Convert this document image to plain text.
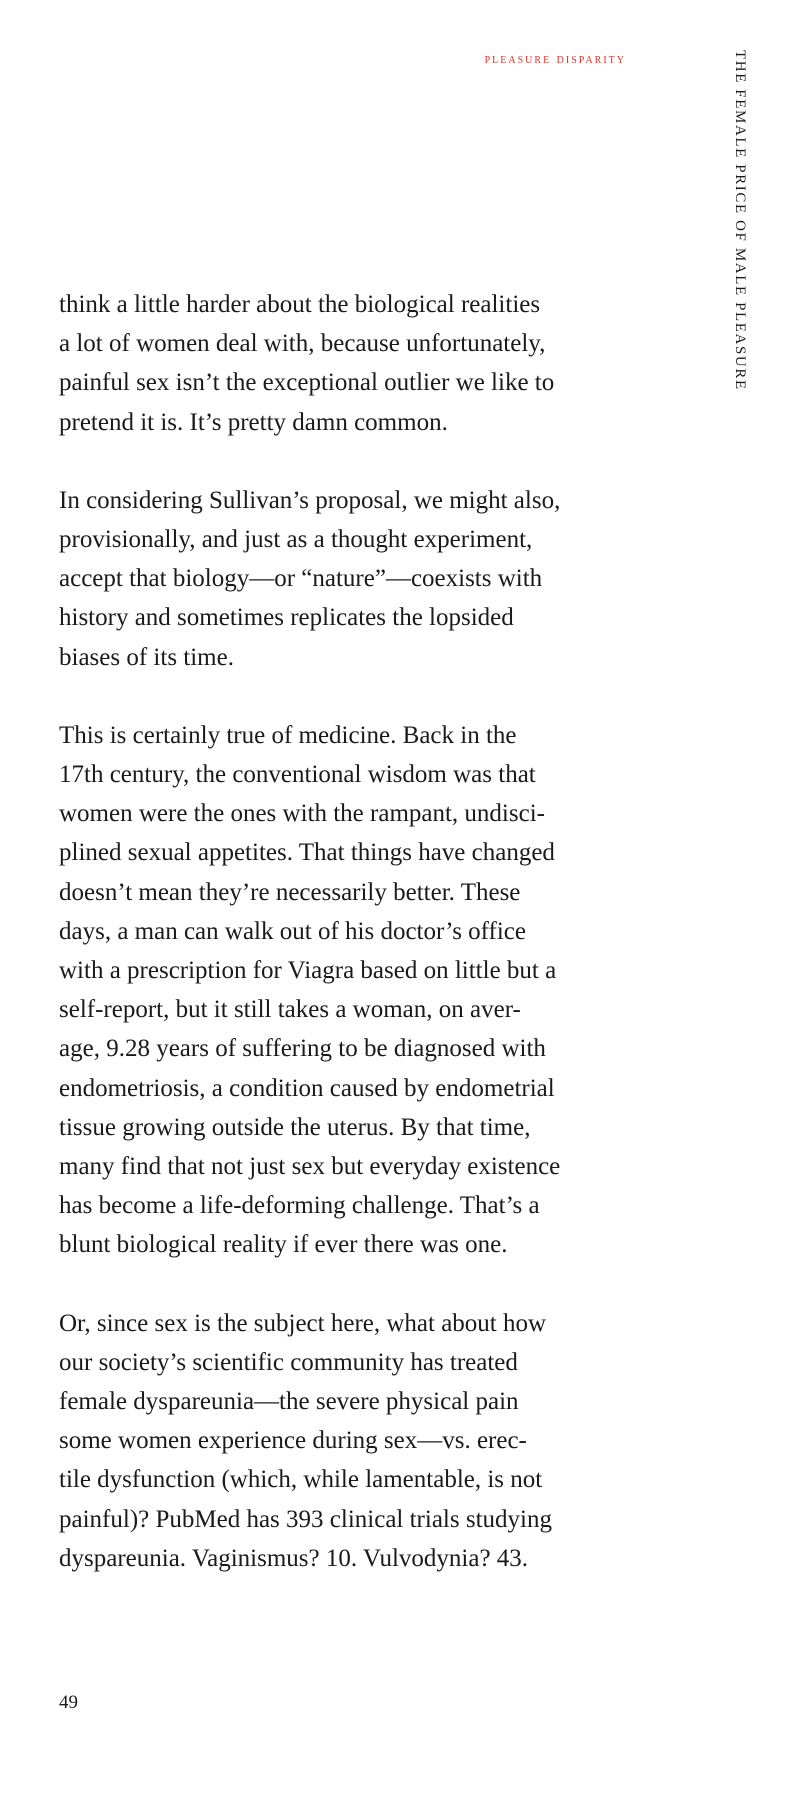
pleasure disparity	THE FEMALE PRICE OF MALE PLEASURE

think a little harder about the biological realities
a lot of women deal with, because unfortunately,
painful sex isn’t the exceptional outlier we like to
pretend it is. It’s pretty damn common.

In considering Sullivan’s proposal, we might also,
provisionally, and just as a thought experiment,
accept that biology—or “nature”—coexists with
history and sometimes replicates the lopsided
biases of its time.

This is certainly true of medicine. Back in the
17th century, the conventional wisdom was that
women were the ones with the rampant, undisci-
plined sexual appetites. That things have changed
doesn’t mean they’re necessarily better. These
days, a man can walk out of his doctor’s office
with a prescription for Viagra based on little but a
self-report, but it still takes a woman, on aver-
age, 9.28 years of suffering to be diagnosed with
endometriosis, a condition caused by endometrial
tissue growing outside the uterus. By that time,
many find that not just sex but everyday existence
has become a life-deforming challenge. That’s a
blunt biological reality if ever there was one.

Or, since sex is the subject here, what about how
our society’s scientific community has treated
female dyspareunia—the severe physical pain
some women experience during sex—vs. erec-
tile dysfunction (which, while lamentable, is not
painful)? PubMed has 393 clinical trials studying
dyspareunia. Vaginismus? 10. Vulvodynia? 43.

49
